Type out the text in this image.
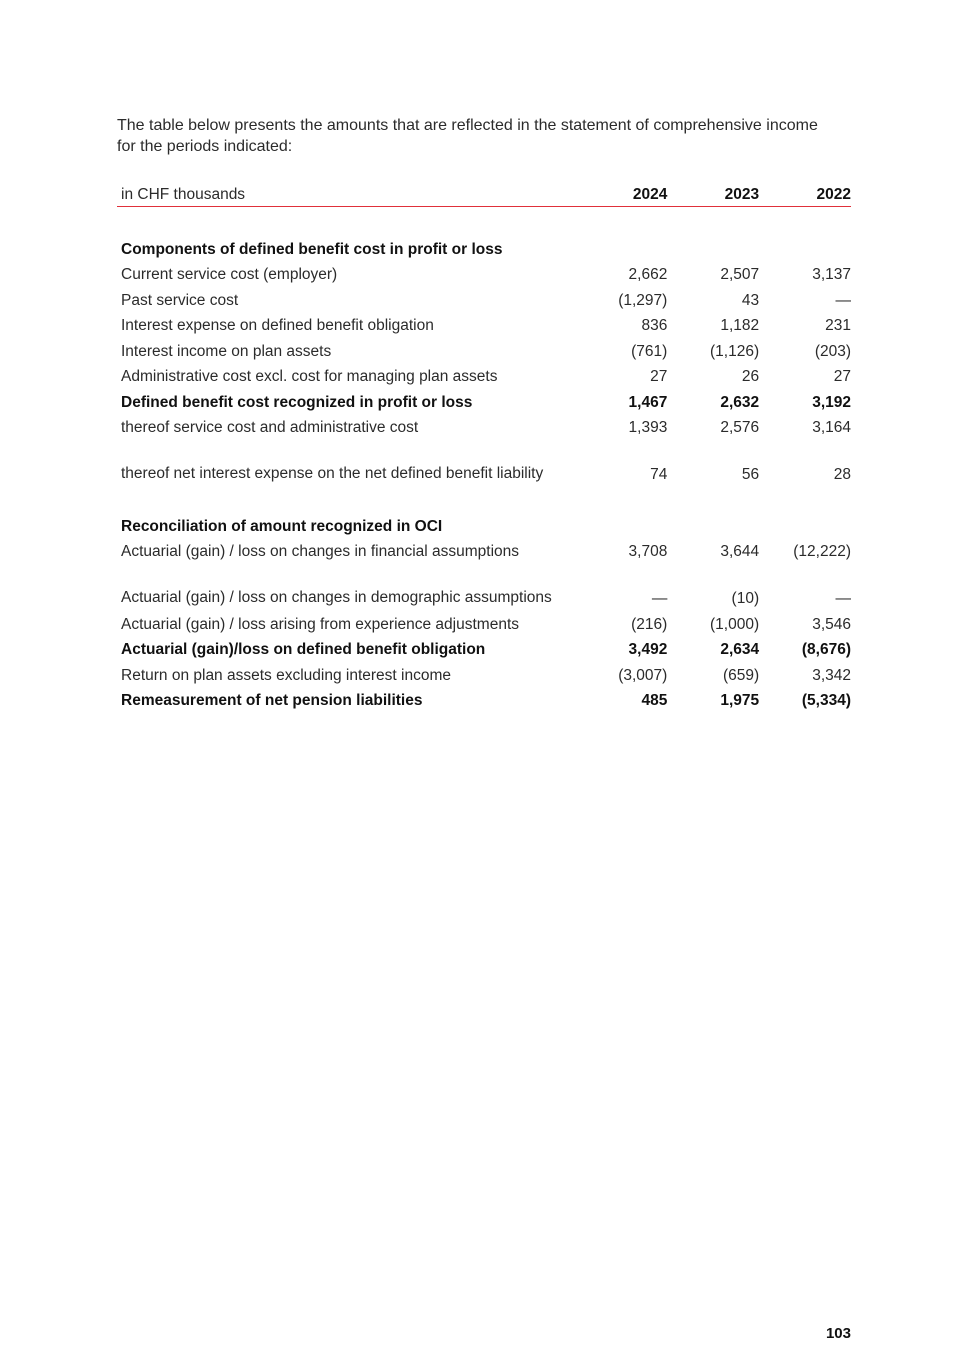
The table below presents the amounts that are reflected in the statement of comprehensive income for the periods indicated:

in CHF thousands	2024	2023	2022

Components of defined benefit cost in profit or loss			
Current service cost (employer)	2,662	2,507	3,137
Past service cost	(1,297)	43	—
Interest expense on defined benefit obligation	836	1,182	231
Interest income on plan assets	(761)	(1,126)	(203)
Administrative cost excl. cost for managing plan assets	27	26	27
Defined benefit cost recognized in profit or loss	1,467	2,632	3,192
thereof service cost and administrative cost	1,393	2,576	3,164
thereof net interest expense on the net defined benefit liability	74	56	28

Reconciliation of amount recognized in OCI			
Actuarial (gain) / loss on changes in financial assumptions	3,708	3,644	(12,222)
Actuarial (gain) / loss on changes in demographic assumptions	—	(10)	—
Actuarial (gain) / loss arising from experience adjustments	(216)	(1,000)	3,546
Actuarial (gain)/loss on defined benefit obligation	3,492	2,634	(8,676)
Return on plan assets excluding interest income	(3,007)	(659)	3,342
Remeasurement of net pension liabilities	485	1,975	(5,334)
103
